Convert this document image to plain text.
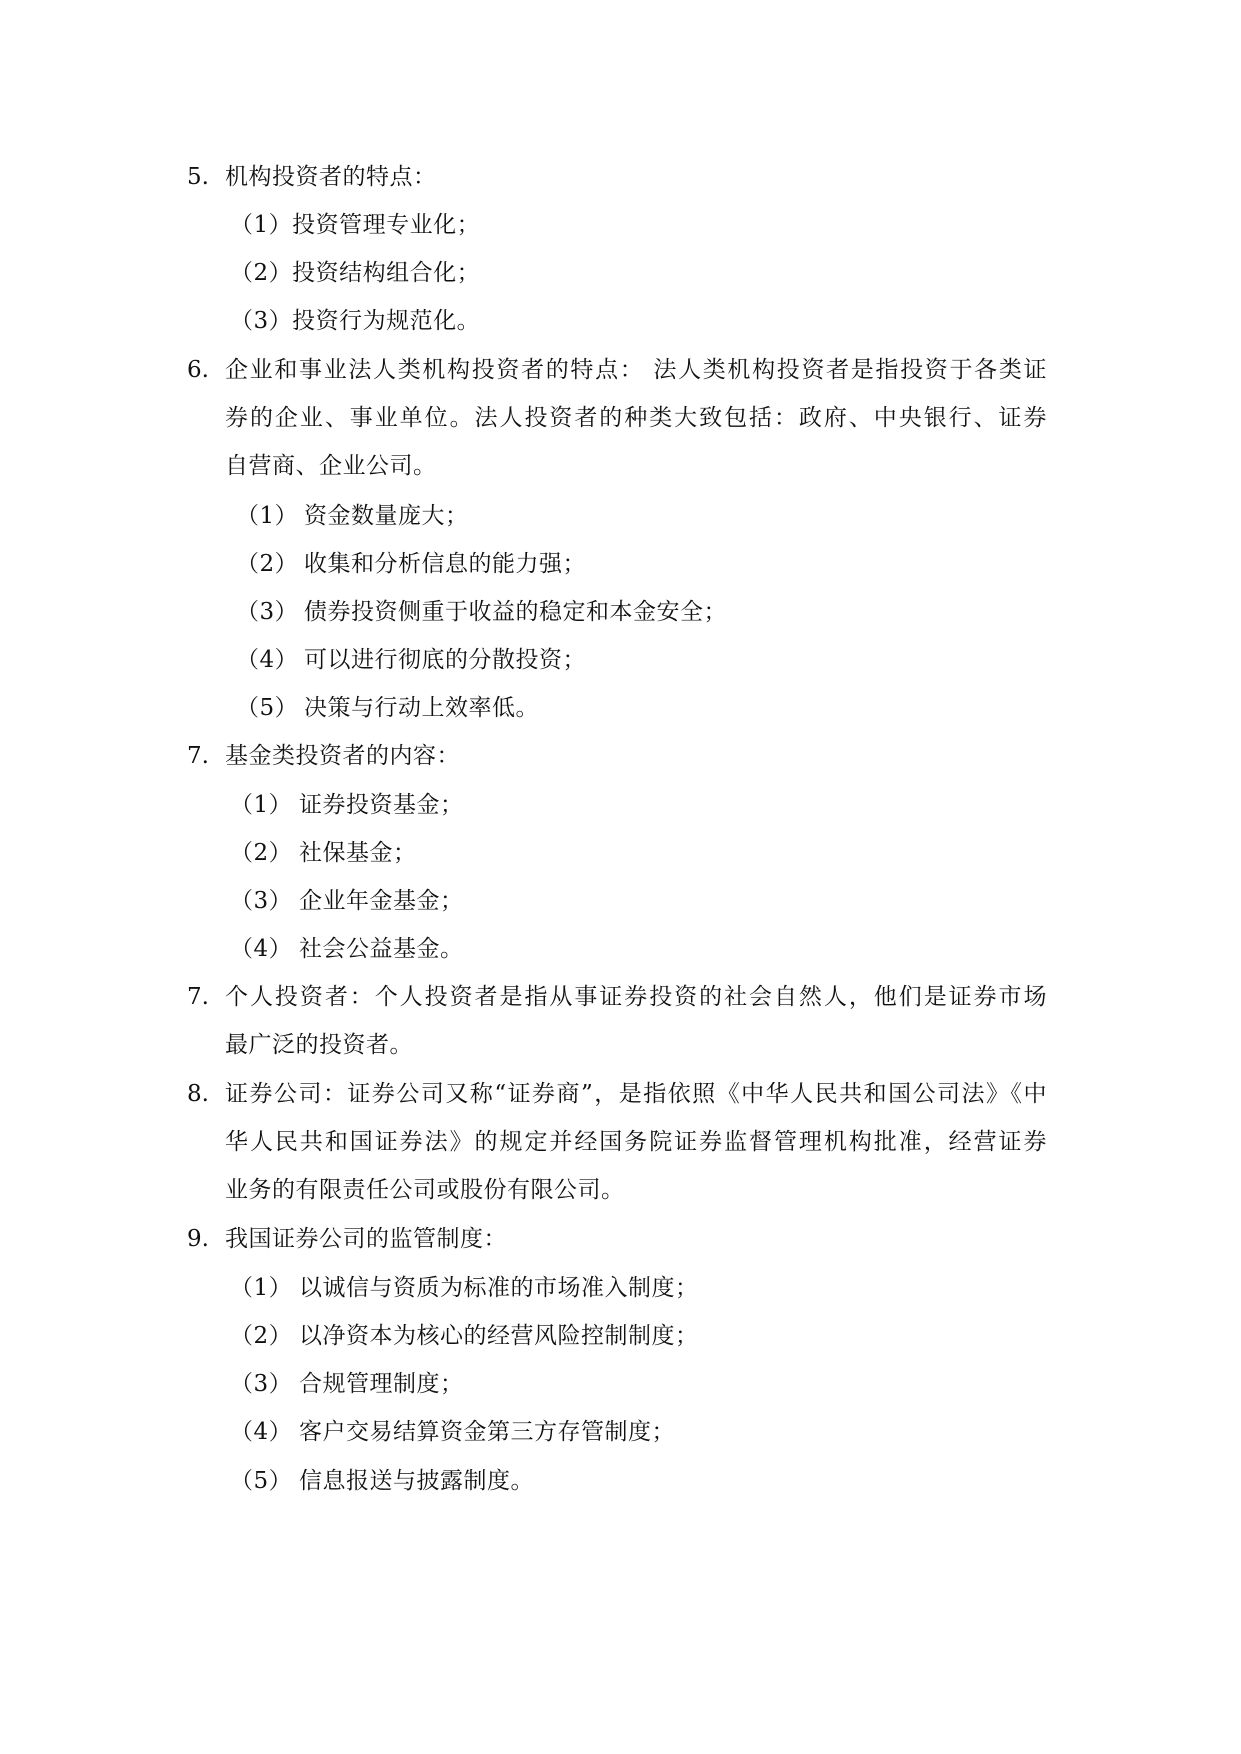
5. 机构投资者的特点：
（1）投资管理专业化；
（2）投资结构组合化；
（3）投资行为规范化。
6. 企业和事业法人类机构投资者的特点： 法人类机构投资者是指投资于各类证
券的企业、事业单位。法人投资者的种类大致包括：政府、中央银行、证券
自营商、企业公司。
（1） 资金数量庞大；
（2） 收集和分析信息的能力强；
（3） 债券投资侧重于收益的稳定和本金安全；
（4） 可以进行彻底的分散投资；
（5） 决策与行动上效率低。
7. 基金类投资者的内容：
（1） 证券投资基金；
（2） 社保基金；
（3） 企业年金基金；
（4） 社会公益基金。
7. 个人投资者：个人投资者是指从事证券投资的社会自然人，他们是证券市场
最广泛的投资者。
8. 证券公司：证券公司又称“证券商”，是指依照《中华人民共和国公司法》《中
华人民共和国证券法》的规定并经国务院证券监督管理机构批准，经营证券
业务的有限责任公司或股份有限公司。
9. 我国证券公司的监管制度：
（1） 以诚信与资质为标准的市场准入制度；
（2） 以净资本为核心的经营风险控制制度；
（3） 合规管理制度；
（4） 客户交易结算资金第三方存管制度；
（5） 信息报送与披露制度。
